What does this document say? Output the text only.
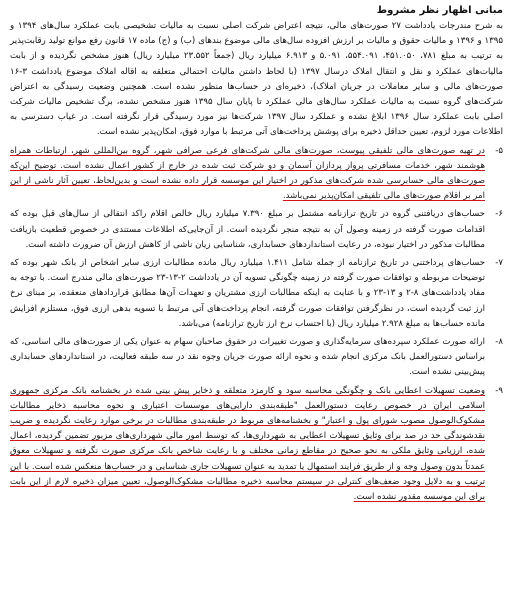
مبانی اظهار نظر مشروط
به شرح مندرجات یادداشت ۲۷ صورت‌های مالی، نتیجه اعتراض شرکت اصلی نسبت به مالیات تشخیصی بابت عملکرد سال‌های ۱۳۹۴ و ۱۳۹۵ و ۱۳۹۶ و مالیات حقوق و مالیات بر ارزش افزوده سال‌های مالی موضوع بندهای (ب) و (ج) ماده ۱۷ قانون رفع موانع تولید رقابت‌پذیر به ترتیب به مبلغ ۷۸۱، ۴۵۱.۰۵۰، ۵۵۴.۰۹۱، ۵.۰۹۱ و ۶.۹۱۳ میلیارد ریال (جمعاً ۲۳.۵۵۲ میلیارد ریال) هنوز مشخص نگردیده و از بابت مالیات‌های عملکرد و نقل و انتقال املاک درسال ۱۳۹۷ (با لحاظ داشتن مالیات احتمالی متعلقه به اقاله املاک موضوع یادداشت ۳-۱۶ صورت‌های مالی و سایر معاملات در جریان املاک)، ذخیره‌ای در حساب‌ها منظور نشده است. همچنین وضعیت رسیدگی به اعتراض شرکت‌های گروه نسبت به مالیات عملکرد سال‌های مالی عملکرد تا پایان سال ۱۳۹۵ هنوز مشخص نشده، برگ تشخیص مالیات شرکت اصلی بابت عملکرد سال ۱۳۹۶ ابلاغ نشده و عملکرد سال ۱۳۹۷ شرکت‌ها نیز مورد رسیدگی قرار نگرفته است. در غیاب دسترسی به اطلاعات مورد لزوم، تعیین حداقل ذخیره برای پوشش پرداخت‌های آتی مرتبط با موارد فوق، امکان‌پذیر نشده است.
۵-
در تهیه صورت‌های مالی تلفیقی پیوست، صورت‌های مالی شرکت‌های فرعی صرافی شهر، گروه بین‌المللی شهر، ارتباطات همراه هوشمند شهر، خدمات مسافرتی پرواز پردازان آسمان و دو شرکت ثبت شده در خارج از کشور اعمال نشده است. توضیح این‌که صورت‌های مالی حسابرسی شده شرکت‌های مذکور در اختیار این موسسه قرار داده نشده است و بدین‌لحاظ، تعیین آثار ناشی از این امر بر اقلام صورت‌های مالی تلفیقی امکان‌پذیر نمی‌باشد.
۶-
حساب‌های دریافتنی گروه در تاریخ ترازنامه مشتمل بر مبلغ ۷.۳۹۰ میلیارد ریال خالص اقلام راکد انتقالی از سال‌های قبل بوده که اقدامات صورت گرفته در زمینه وصول آن به نتیجه منجر نگردیده است. از آن‌جایی‌که اطلاعات مستندی در خصوص قطعیت بازیافت مطالبات مذکور در اختیار نبوده، در رعایت استانداردهای حسابداری، شناسایی زیان ناشی از کاهش ارزش آن ضرورت داشته است.
۷-
حساب‌های پرداختنی در تاریخ ترازنامه از جمله شامل ۱.۴۱۱ میلیارد ریال مانده مطالبات ارزی سایر اشخاص از بانک شهر بوده که توضیحات مربوطه و توافقات صورت گرفته در زمینه چگونگی تسویه آن در یادداشت ۲-۱۳-۲۳ صورت‌های مالی مندرج است. با توجه به مفاد یادداشت‌های ۸-۲ و ۱۳-۲۳ و با عنایت به اینکه مطالبات ارزی مشتریان و تعهدات آن‌ها مطابق قراردادهای منعقده، بر مبنای نرخ ارز ثبت گردیده است، در نظرگرفتن توافقات صورت گرفته، انجام پرداخت‌های آتی مرتبط با تسویه بدهی ارزی فوق، مستلزم افزایش مانده حساب‌ها به مبلغ ۲.۹۲۸ میلیارد ریال (با احتساب نرخ ارز تاریخ ترازنامه) می‌باشد.
۸-
ارائه صورت عملکرد سپرده‌های سرمایه‌گذاری و صورت تغییرات در حقوق صاحبان سهام به عنوان یکی از صورت‌های مالی اساسی، که براساس دستورالعمل بانک مرکزی انجام شده و نحوه ارائه صورت جریان وجوه نقد در سه طبقه فعالیت، در استانداردهای حسابداری پیش‌بینی نشده است.
۹-
وضعیت تسهیلات اعطایی بانک و چگونگی محاسبه سود و کارمزد متعلقه و ذخایر پیش بینی شده در بخشنامه بانک مرکزی جمهوری اسلامی ایران در خصوص رعایت دستورالعمل "طبقه‌بندی دارایی‌های موسسات اعتباری و نحوه محاسبه ذخایر مطالبات مشکوک‌الوصول مصوب شورای پول و اعتبار" و بخشنامه‌های مربوط در طبقه‌بندی مطالبات در برخی موارد رعایت نگردیده و ضریب نقدشوندگی حد در صد برای وثایق تسهیلات اعطایی به شهرداری‌ها، که توسط امور مالی شهرداری‌های مزبور تضمین گردیده، اعمال شده، ارزیابی وثایق ملکی به نحو صحیح در مقاطع زمانی مختلف و با رعایت شاخص بانک مرکزی صورت نگرفته و تسهیلات معوق عمدتاً بدون وصول وجه و از طریق فرایند استمهال یا تمدید به عنوان تسهیلات جاری شناسایی و در حساب‌ها منعکس شده است. با این ترتیب و به دلایل وجود ضعف‌های کنترلی در سیستم محاسبه ذخیره مطالبات مشکوک‌الوصول، تعیین میزان ذخیره لازم از این بابت برای این موسسه مقدور نشده است.
